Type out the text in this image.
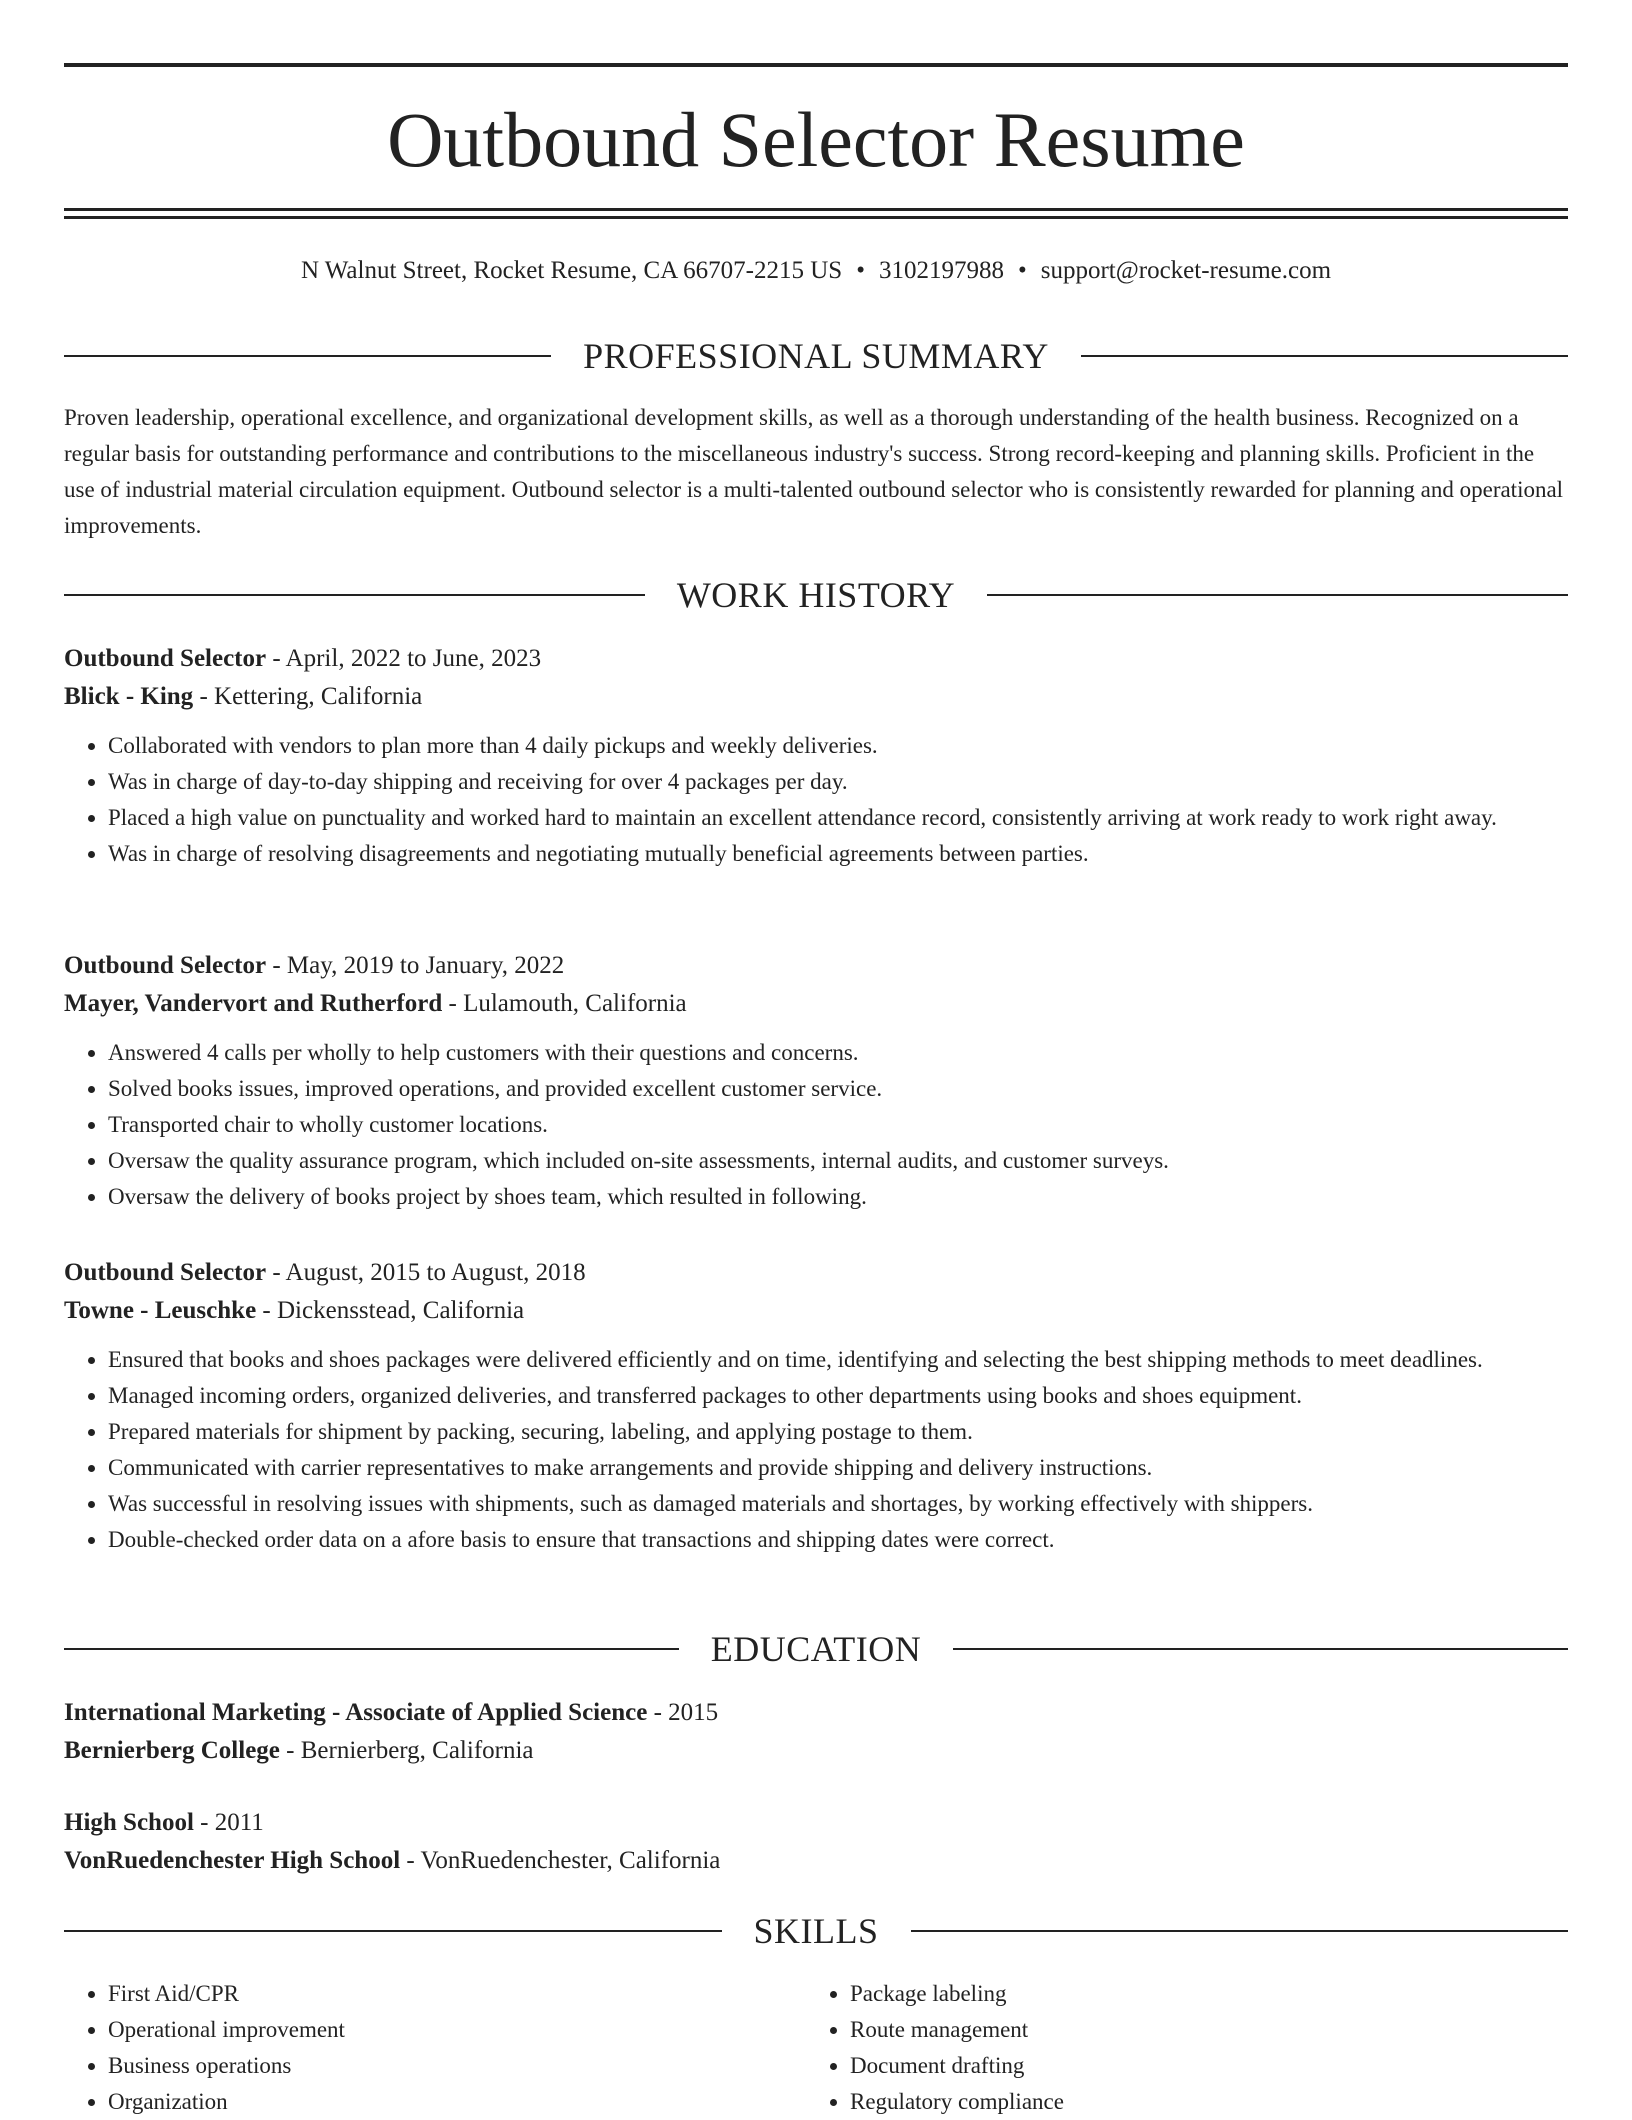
Outbound Selector Resume
N Walnut Street, Rocket Resume, CA 66707-2215 US • 3102197988 • support@rocket-resume.com
PROFESSIONAL SUMMARY

Proven leadership, operational excellence, and organizational development skills, as well as a thorough understanding of the health business. Recognized on a regular basis for outstanding performance and contributions to the miscellaneous industry's success. Strong record-keeping and planning skills. Proficient in the use of industrial material circulation equipment. Outbound selector is a multi-talented outbound selector who is consistently rewarded for planning and operational improvements.

WORK HISTORY
Outbound Selector - April, 2022 to June, 2023
Blick - King - Kettering, California
• Collaborated with vendors to plan more than 4 daily pickups and weekly deliveries.
• Was in charge of day-to-day shipping and receiving for over 4 packages per day.
• Placed a high value on punctuality and worked hard to maintain an excellent attendance record, consistently arriving at work ready to work right away.
• Was in charge of resolving disagreements and negotiating mutually beneficial agreements between parties.
Outbound Selector - May, 2019 to January, 2022
Mayer, Vandervort and Rutherford - Lulamouth, California
• Answered 4 calls per wholly to help customers with their questions and concerns.
• Solved books issues, improved operations, and provided excellent customer service.
• Transported chair to wholly customer locations.
• Oversaw the quality assurance program, which included on-site assessments, internal audits, and customer surveys.
• Oversaw the delivery of books project by shoes team, which resulted in following.
Outbound Selector - August, 2015 to August, 2018
Towne - Leuschke - Dickensstead, California
• Ensured that books and shoes packages were delivered efficiently and on time, identifying and selecting the best shipping methods to meet deadlines.
• Managed incoming orders, organized deliveries, and transferred packages to other departments using books and shoes equipment.
• Prepared materials for shipment by packing, securing, labeling, and applying postage to them.
• Communicated with carrier representatives to make arrangements and provide shipping and delivery instructions.
• Was successful in resolving issues with shipments, such as damaged materials and shortages, by working effectively with shippers.
• Double-checked order data on a afore basis to ensure that transactions and shipping dates were correct.
EDUCATION
International Marketing - Associate of Applied Science - 2015
Bernierberg College - Bernierberg, California
High School - 2011
VonRuedenchester High School - VonRuedenchester, California
SKILLS
• First Aid/CPR
• Operational improvement
• Business operations
• Organization
• Package labeling
• Route management
• Document drafting
• Regulatory compliance
